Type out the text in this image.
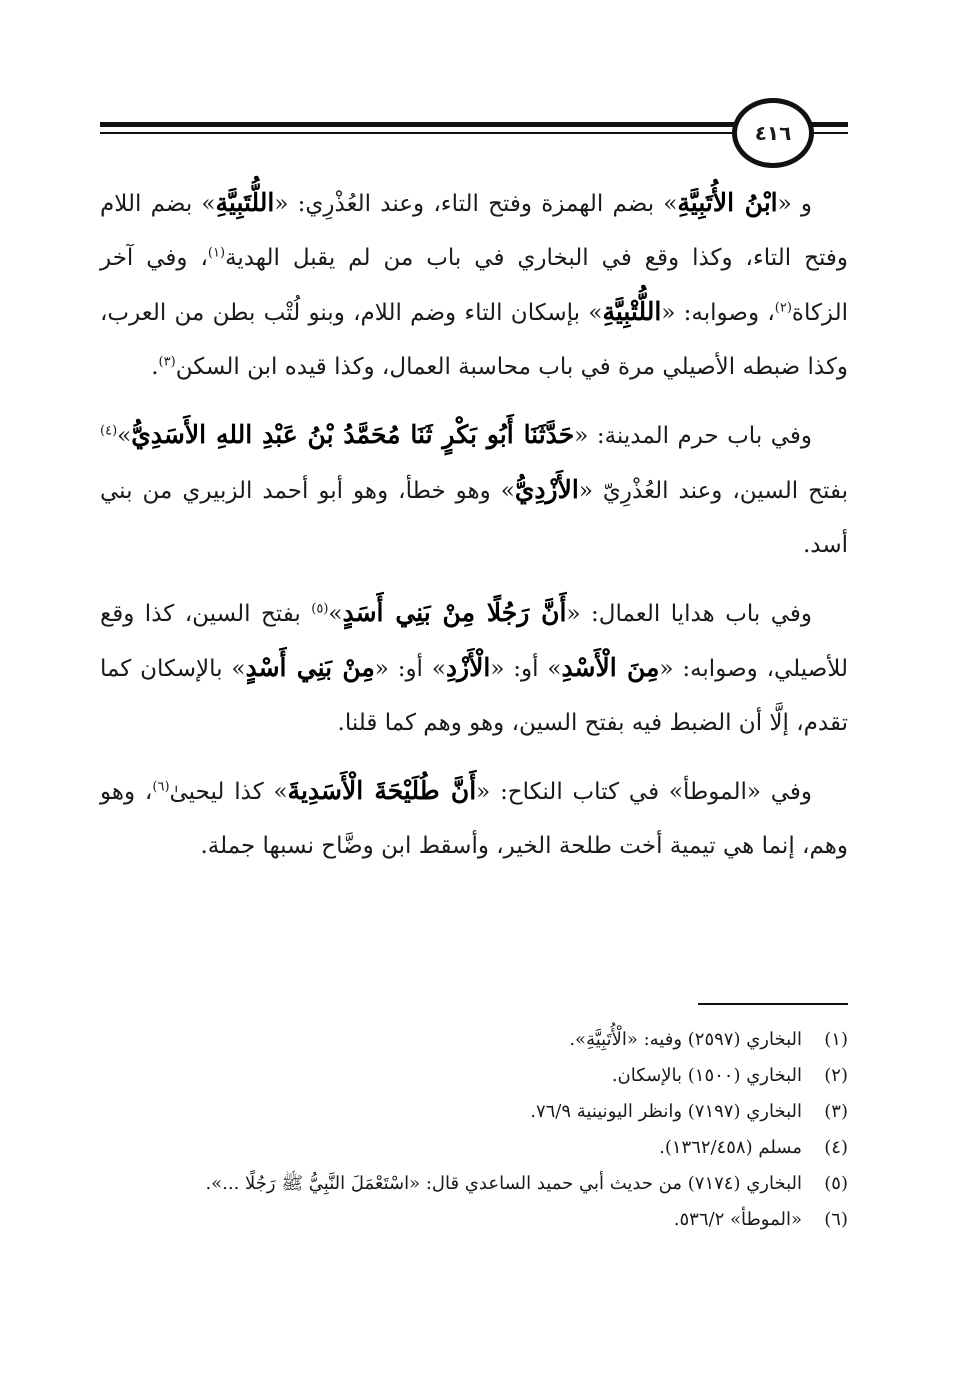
٤١٦

و «ابْنُ الأُتَبِيَّةِ» بضم الهمزة وفتح التاء، وعند العُذْرِي: «اللُّتَبِيَّةِ» بضم اللام وفتح التاء، وكذا وقع في البخاري في باب من لم يقبل الهدية$^{(١)}$، وفي آخر الزكاة$^{(٢)}$، وصوابه: «اللُّتْبِيَّةِ» بإسكان التاء وضم اللام، وبنو لُتْب بطن من العرب، وكذا ضبطه الأصيلي مرة في باب محاسبة العمال، وكذا قيده ابن السكن$^{(٣)}$.

وفي باب حرم المدينة: «حَدَّثَنَا أَبُو بَكْرٍ ثَنَا مُحَمَّدُ بْنُ عَبْدِ اللهِ الأَسَدِيُّ»$^{(٤)}$ بفتح السين، وعند العُذْرِيّ «الأَزْدِيُّ» وهو خطأ، وهو أبو أحمد الزبيري من بني أسد.

وفي باب هدايا العمال: «أَنَّ رَجُلًا مِنْ بَنِي أَسَدٍ»$^{(٥)}$ بفتح السين، كذا وقع للأصيلي، وصوابه: «مِنَ الْأَسْدِ» أو: «الْأَزْدِ» أو: «مِنْ بَنِي أَسْدٍ» بالإسكان كما تقدم، إلَّا أن الضبط فيه بفتح السين، وهو وهم كما قلنا.

وفي «الموطأ» في كتاب النكاح: «أَنَّ طُلَيْحَةَ الْأَسَدِيةَ» كذا ليحيىٰ$^{(٦)}$، وهو وهم، إنما هي تيمية أخت طلحة الخير، وأسقط ابن وضَّاح نسبها جملة.

(١)
البخاري (٢٥٩٧) وفيه: «الْأُتَبِيَّةِ».
(٢)
البخاري (١٥٠٠) بالإسكان.
(٣)
البخاري (٧١٩٧) وانظر اليونينية ٧٦/٩.
(٤)
مسلم (١٣٦٢/٤٥٨).
(٥)
البخاري (٧١٧٤) من حديث أبي حميد الساعدي قال: «اسْتَعْمَلَ النَّبِيُّ ﷺ رَجُلًا ...».
(٦)
«الموطأ» ٥٣٦/٢.
